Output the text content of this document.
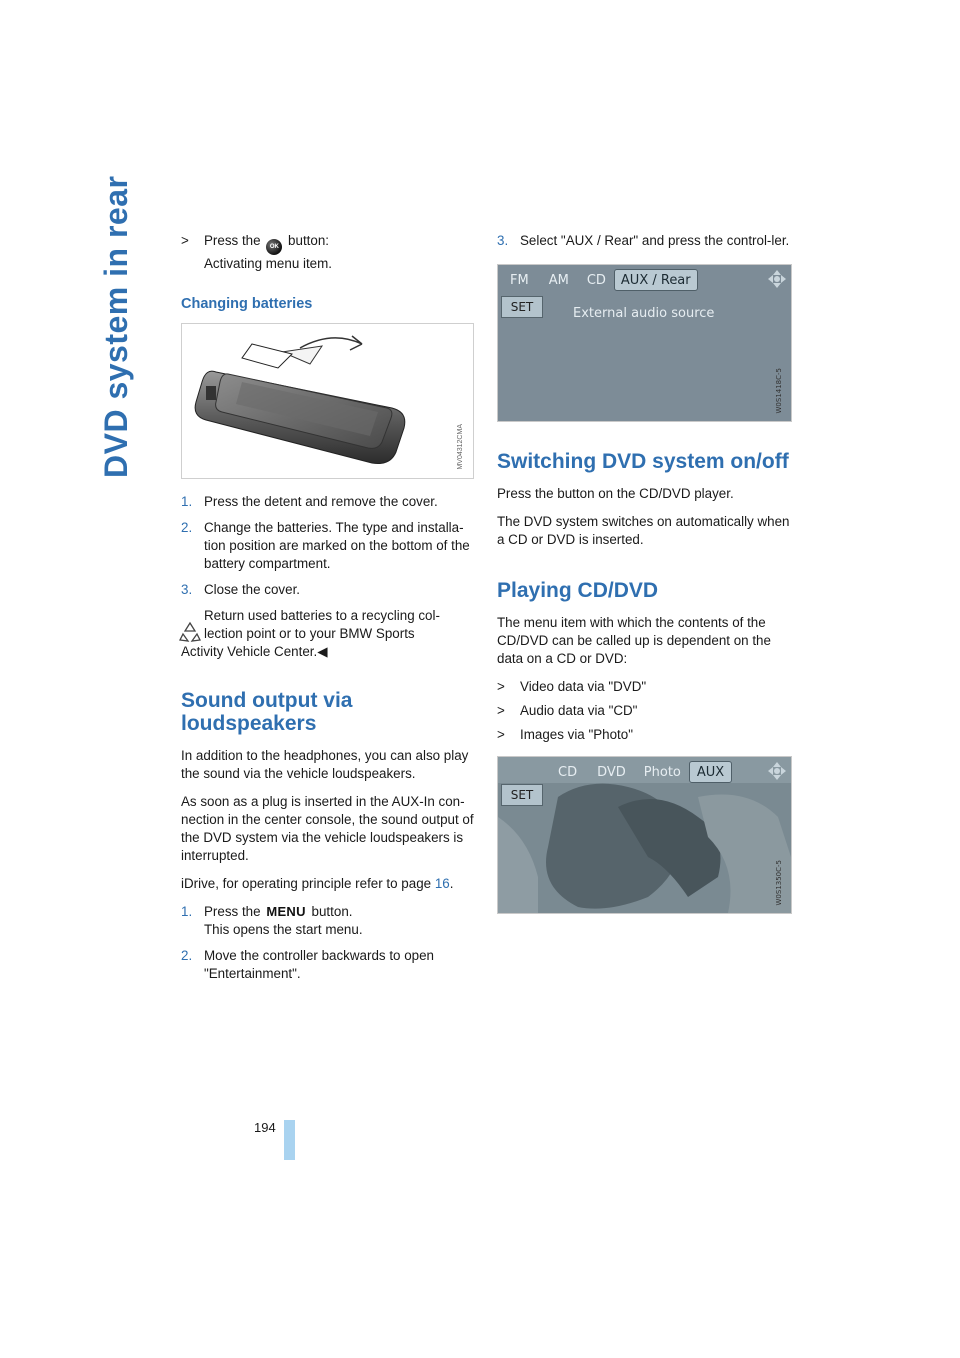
DVD system in rear	> Press the OK button:
Activating menu item.
Changing batteries
MV04312CMA
1. Press the detent and remove the cover.
2. Change the batteries. The type and installa-tion position are marked on the bottom of the battery compartment.
3. Close the cover.
Return used batteries to a recycling col-lection point or to your BMW Sports
Activity Vehicle Center.◀
Sound output via loudspeakers

In addition to the headphones, you can also play the sound via the vehicle loudspeakers.

As soon as a plug is inserted in the AUX-In con-nection in the center console, the sound output of the DVD system via the vehicle loudspeakers is interrupted.

iDrive, for operating principle refer to page 16.

1. Press the MENU button.
This opens the start menu.
2. Move the controller backwards to open "Entertainment".
3. Select "AUX / Rear" and press the control-ler.
FM	AM	CD	AUX / Rear
SET	External audio source
W0S1418C-5
Switching DVD system on/off

Press the button on the CD/DVD player.

The DVD system switches on automatically when a CD or DVD is inserted.

Playing CD/DVD

The menu item with which the contents of the CD/DVD can be called up is dependent on the data on a CD or DVD:

> Video data via "DVD"
> Audio data via "CD"
> Images via "Photo"
CD	DVD	Photo	AUX
SET
W0S1350C-5
194
